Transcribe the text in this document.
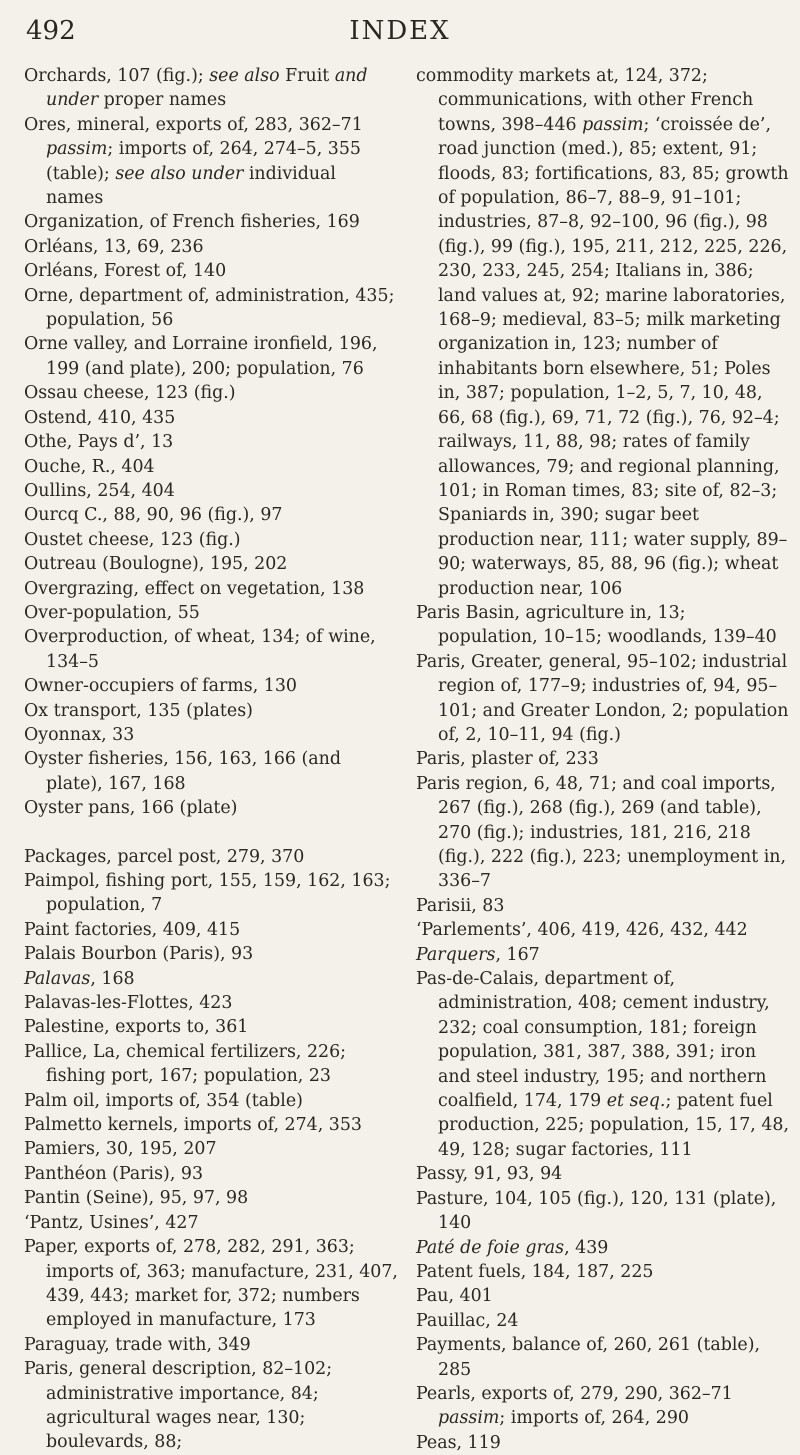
492	INDEX

Orchards, 107 (fig.); see also Fruit and under proper names

Ores, mineral, exports of, 283, 362–71 passim; imports of, 264, 274–5, 355 (table); see also under individual names

Organization, of French fisheries, 169

Orléans, 13, 69, 236

Orléans, Forest of, 140

Orne, department of, administration, 435; population, 56

Orne valley, and Lorraine ironfield, 196, 199 (and plate), 200; population, 76

Ossau cheese, 123 (fig.)

Ostend, 410, 435

Othe, Pays d’, 13

Ouche, R., 404

Oullins, 254, 404

Ourcq C., 88, 90, 96 (fig.), 97

Oustet cheese, 123 (fig.)

Outreau (Boulogne), 195, 202

Overgrazing, effect on vegetation, 138

Over-population, 55

Overproduction, of wheat, 134; of wine, 134–5

Owner-occupiers of farms, 130

Ox transport, 135 (plates)

Oyonnax, 33

Oyster fisheries, 156, 163, 166 (and plate), 167, 168

Oyster pans, 166 (plate)

Packages, parcel post, 279, 370

Paimpol, fishing port, 155, 159, 162, 163; population, 7

Paint factories, 409, 415

Palais Bourbon (Paris), 93

Palavas, 168

Palavas-les-Flottes, 423

Palestine, exports to, 361

Pallice, La, chemical fertilizers, 226; fishing port, 167; population, 23

Palm oil, imports of, 354 (table)

Palmetto kernels, imports of, 274, 353

Pamiers, 30, 195, 207

Panthéon (Paris), 93

Pantin (Seine), 95, 97, 98

‘Pantz, Usines’, 427

Paper, exports of, 278, 282, 291, 363; imports of, 363; manufacture, 231, 407, 439, 443; market for, 372; numbers employed in manufacture, 173

Paraguay, trade with, 349

Paris, general description, 82–102; administrative importance, 84; agricultural wages near, 130; boulevards, 88;

commodity markets at, 124, 372; communications, with other French towns, 398–446 passim; ‘croissée de’, road junction (med.), 85; extent, 91; floods, 83; fortifications, 83, 85; growth of population, 86–7, 88–9, 91–101; industries, 87–8, 92–100, 96 (fig.), 98 (fig.), 99 (fig.), 195, 211, 212, 225, 226, 230, 233, 245, 254; Italians in, 386; land values at, 92; marine laboratories, 168–9; medieval, 83–5; milk marketing organization in, 123; number of inhabitants born elsewhere, 51; Poles in, 387; population, 1–2, 5, 7, 10, 48, 66, 68 (fig.), 69, 71, 72 (fig.), 76, 92–4; railways, 11, 88, 98; rates of family allowances, 79; and regional planning, 101; in Roman times, 83; site of, 82–3; Spaniards in, 390; sugar beet production near, 111; water supply, 89–90; waterways, 85, 88, 96 (fig.); wheat production near, 106

Paris Basin, agriculture in, 13; population, 10–15; woodlands, 139–40

Paris, Greater, general, 95–102; industrial region of, 177–9; industries of, 94, 95–101; and Greater London, 2; population of, 2, 10–11, 94 (fig.)

Paris, plaster of, 233

Paris region, 6, 48, 71; and coal imports, 267 (fig.), 268 (fig.), 269 (and table), 270 (fig.); industries, 181, 216, 218 (fig.), 222 (fig.), 223; unemployment in, 336–7

Parisii, 83

‘Parlements’, 406, 419, 426, 432, 442

Parquers, 167

Pas-de-Calais, department of, administration, 408; cement industry, 232; coal consumption, 181; foreign population, 381, 387, 388, 391; iron and steel industry, 195; and northern coalfield, 174, 179 et seq.; patent fuel production, 225; population, 15, 17, 48, 49, 128; sugar factories, 111

Passy, 91, 93, 94

Pasture, 104, 105 (fig.), 120, 131 (plate), 140

Paté de foie gras, 439

Patent fuels, 184, 187, 225

Pau, 401

Pauillac, 24

Payments, balance of, 260, 261 (table), 285

Pearls, exports of, 279, 290, 362–71 passim; imports of, 264, 290

Peas, 119
